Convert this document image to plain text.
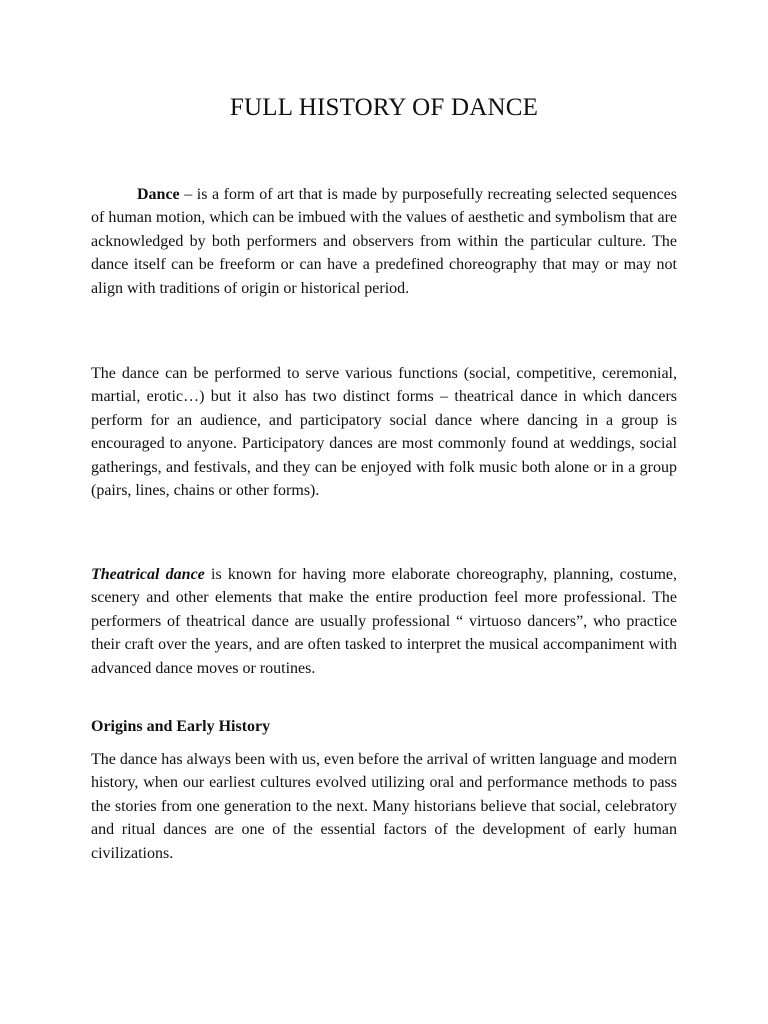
FULL HISTORY OF DANCE

Dance – is a form of art that is made by purposefully recreating selected sequences of human motion, which can be imbued with the values of aesthetic and symbolism that are acknowledged by both performers and observers from within the particular culture. The dance itself can be freeform or can have a predefined choreography that may or may not align with traditions of origin or historical period.

The dance can be performed to serve various functions (social, competitive, ceremonial, martial, erotic…) but it also has two distinct forms – theatrical dance in which dancers perform for an audience, and participatory social dance where dancing in a group is encouraged to anyone. Participatory dances are most commonly found at weddings, social gatherings, and festivals, and they can be enjoyed with folk music both alone or in a group (pairs, lines, chains or other forms).

Theatrical dance is known for having more elaborate choreography, planning, costume, scenery and other elements that make the entire production feel more professional. The performers of theatrical dance are usually professional “ virtuoso dancers”, who practice their craft over the years, and are often tasked to interpret the musical accompaniment with advanced dance moves or routines.

Origins and Early History

The dance has always been with us, even before the arrival of written language and modern history, when our earliest cultures evolved utilizing oral and performance methods to pass the stories from one generation to the next. Many historians believe that social, celebratory and ritual dances are one of the essential factors of the development of early human civilizations.
